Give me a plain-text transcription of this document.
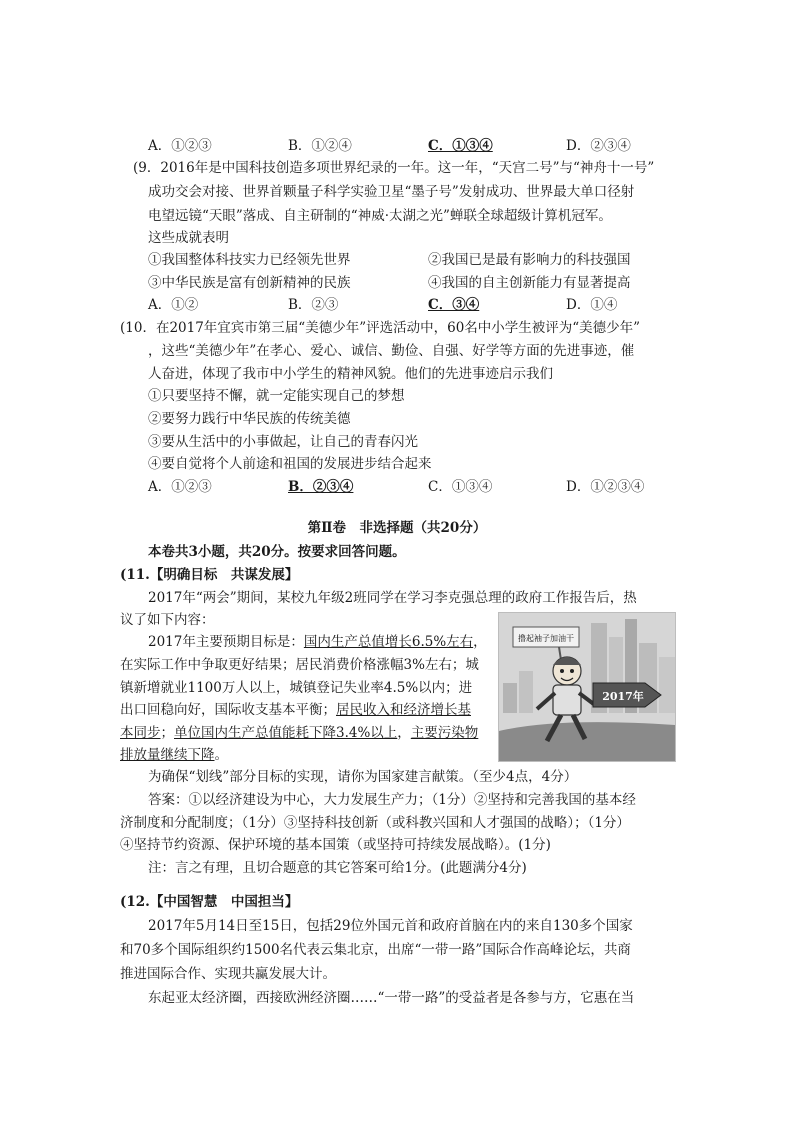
A．①②③	B．①②④	C．①③④	D．②③④
(9．2016年是中国科技创造多项世界纪录的一年。这一年，“天宫二号”与“神舟十一号”
成功交会对接、世界首颗量子科学实验卫星“墨子号”发射成功、世界最大单口径射
电望远镜“天眼”落成、自主研制的“神威·太湖之光”蝉联全球超级计算机冠军。
这些成就表明
①我国整体科技实力已经领先世界	②我国已是最有影响力的科技强国
③中华民族是富有创新精神的民族	④我国的自主创新能力有显著提高
A．①②	B．②③	C．③④	D．①④
(10．在2017年宜宾市第三届“美德少年”评选活动中，60名中小学生被评为“美德少年”
，这些“美德少年”在孝心、爱心、诚信、勤俭、自强、好学等方面的先进事迹，催
人奋进，体现了我市中小学生的精神风貌。他们的先进事迹启示我们
①只要坚持不懈，就一定能实现自己的梦想
②要努力践行中华民族的传统美德
③要从生活中的小事做起，让自己的青春闪光
④要自觉将个人前途和祖国的发展进步结合起来
A．①②③	B．②③④	C．①③④	D．①②③④
第Ⅱ卷　非选择题（共20分）
本卷共3小题，共20分。按要求回答问题。
(11.【明确目标　共谋发展】
2017年“两会”期间，某校九年级2班同学在学习李克强总理的政府工作报告后，热
议了如下内容：
2017年主要预期目标是：国内生产总值增长6.5%左右，
在实际工作中争取更好结果；居民消费价格涨幅3%左右；城
镇新增就业1100万人以上，城镇登记失业率4.5%以内；进
出口回稳向好，国际收支基本平衡；居民收入和经济增长基
本同步；单位国内生产总值能耗下降3.4%以上，主要污染物
排放量继续下降。
撸起袖子加油干
2017年
为确保“划线”部分目标的实现，请你为国家建言献策。（至少4点，4分）
答案：①以经济建设为中心，大力发展生产力；（1分）②坚持和完善我国的基本经
济制度和分配制度；（1分）③坚持科技创新（或科教兴国和人才强国的战略）；（1分）
④坚持节约资源、保护环境的基本国策（或坚持可持续发展战略）。(1分)
注：言之有理，且切合题意的其它答案可给1分。(此题满分4分)
(12.【中国智慧　中国担当】
2017年5月14日至15日，包括29位外国元首和政府首脑在内的来自130多个国家
和70多个国际组织约1500名代表云集北京，出席“一带一路”国际合作高峰论坛，共商
推进国际合作、实现共赢发展大计。
东起亚太经济圈，西接欧洲经济圈……“一带一路”的受益者是各参与方，它惠在当
